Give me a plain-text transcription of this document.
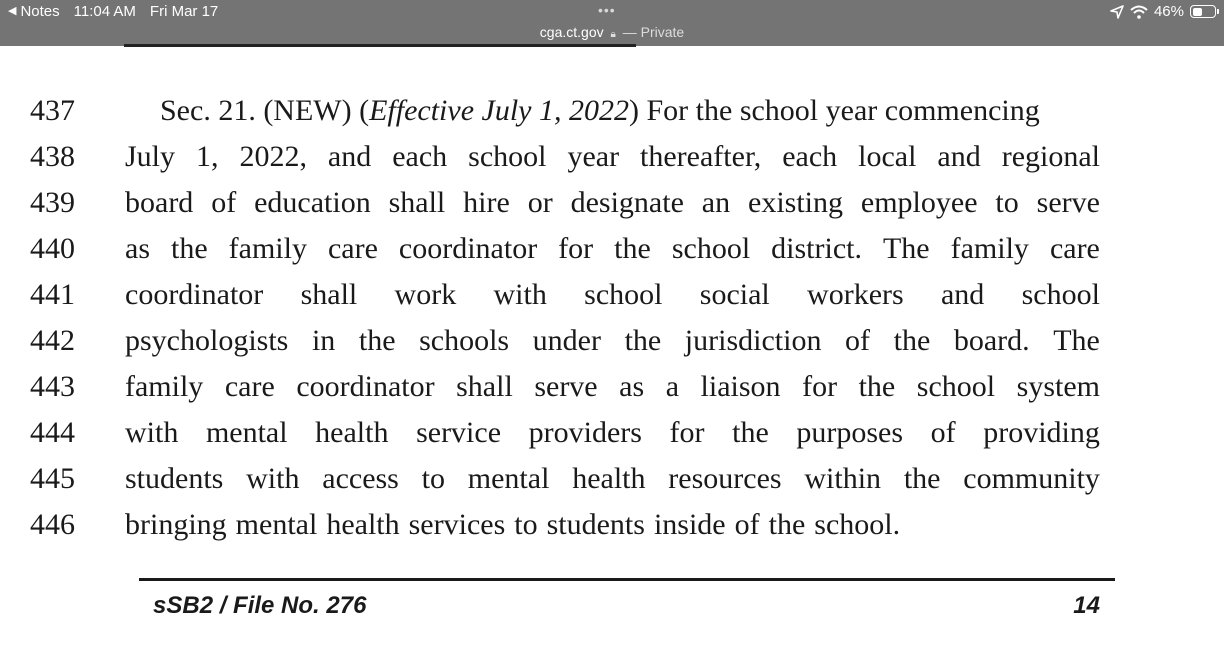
◀ Notes 11:04 AM Fri Mar 17	•••
cga.ct.gov 🔒︎ — Private
46%
437	Sec. 21. (NEW) (Effective July 1, 2022) For the school year commencing
438	July 1, 2022, and each school year thereafter, each local and regional
439	board of education shall hire or designate an existing employee to serve
440	as the family care coordinator for the school district. The family care
441	coordinator shall work with school social workers and school
442	psychologists in the schools under the jurisdiction of the board. The
443	family care coordinator shall serve as a liaison for the school system
444	with mental health service providers for the purposes of providing
445	students with access to mental health resources within the community
446	bringing mental health services to students inside of the school.
sSB2 / File No. 276	14
